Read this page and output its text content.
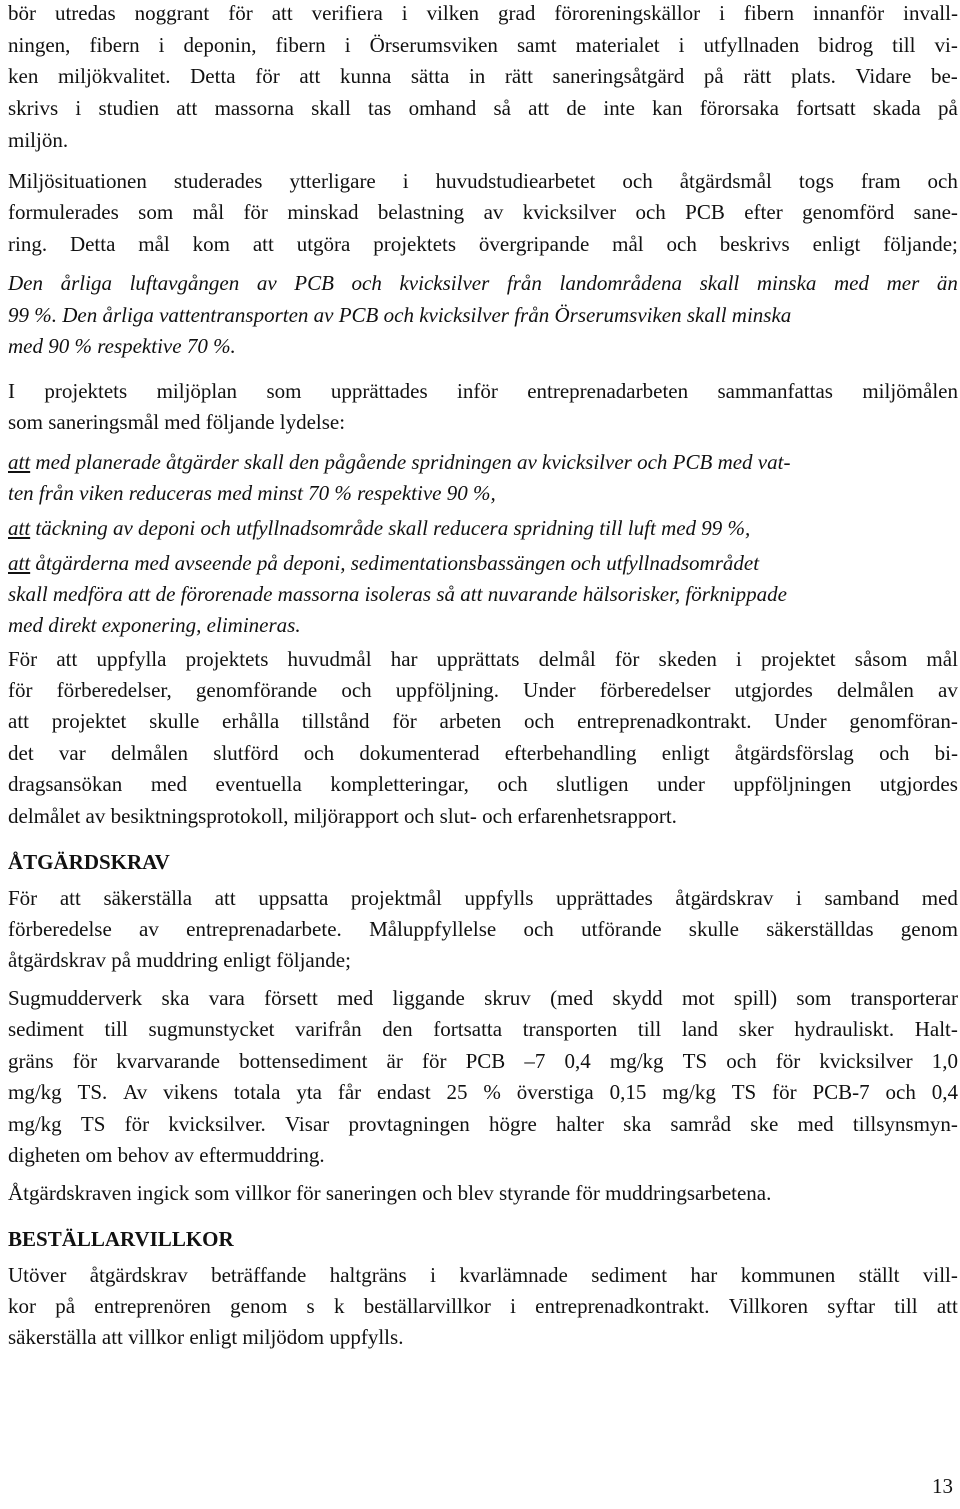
bör utredas noggrant för att verifiera i vilken grad föroreningskällor i fibern innanför invall-
ningen, fibern i deponin, fibern i Örserumsviken samt materialet i utfyllnaden bidrog till vi-
ken miljökvalitet. Detta för att kunna sätta in rätt saneringsåtgärd på rätt plats. Vidare be-
skrivs i studien att massorna skall tas omhand så att de inte kan förorsaka fortsatt skada på
miljön.
Miljösituationen studerades ytterligare i huvudstudiearbetet och åtgärdsmål togs fram och
formulerades som mål för minskad belastning av kvicksilver och PCB efter genomförd sane-
ring. Detta mål kom att utgöra projektets övergripande mål och beskrivs enligt följande;
Den årliga luftavgången av PCB och kvicksilver från landområdena skall minska med mer än
99 %. Den årliga vattentransporten av PCB och kvicksilver från Örserumsviken skall minska
med 90 % respektive 70 %.
I projektets miljöplan som upprättades inför entreprenadarbeten sammanfattas miljömålen
som saneringsmål med följande lydelse:
att med planerade åtgärder skall den pågående spridningen av kvicksilver och PCB med vat-
ten från viken reduceras med minst 70 % respektive 90 %,
att täckning av deponi och utfyllnadsområde skall reducera spridning till luft med 99 %,
att åtgärderna med avseende på deponi, sedimentationsbassängen och utfyllnadsområdet
skall medföra att de förorenade massorna isoleras så att nuvarande hälsorisker, förknippade
med direkt exponering, elimineras.
För att uppfylla projektets huvudmål har upprättats delmål för skeden i projektet såsom mål
för förberedelser, genomförande och uppföljning. Under förberedelser utgjordes delmålen av
att projektet skulle erhålla tillstånd för arbeten och entreprenadkontrakt. Under genomföran-
det var delmålen slutförd och dokumenterad efterbehandling enligt åtgärdsförslag och bi-
dragsansökan med eventuella kompletteringar, och slutligen under uppföljningen utgjordes
delmålet av besiktningsprotokoll, miljörapport och slut- och erfarenhetsrapport.
ÅTGÄRDSKRAV
För att säkerställa att uppsatta projektmål uppfylls upprättades åtgärdskrav i samband med
förberedelse av entreprenadarbete. Måluppfyllelse och utförande skulle säkerställdas genom
åtgärdskrav på muddring enligt följande;
Sugmudderverk ska vara försett med liggande skruv (med skydd mot spill) som transporterar
sediment till sugmunstycket varifrån den fortsatta transporten till land sker hydrauliskt. Halt-
gräns för kvarvarande bottensediment är för PCB –7 0,4 mg/kg TS och för kvicksilver 1,0
mg/kg TS. Av vikens totala yta får endast 25 % överstiga 0,15 mg/kg TS för PCB-7 och 0,4
mg/kg TS för kvicksilver. Visar provtagningen högre halter ska samråd ske med tillsynsmyn-
digheten om behov av eftermuddring.
Åtgärdskraven ingick som villkor för saneringen och blev styrande för muddringsarbetena.
BESTÄLLARVILLKOR
Utöver åtgärdskrav beträffande haltgräns i kvarlämnade sediment har kommunen ställt vill-
kor på entreprenören genom s k beställarvillkor i entreprenadkontrakt. Villkoren syftar till att
säkerställa att villkor enligt miljödom uppfylls.
13
